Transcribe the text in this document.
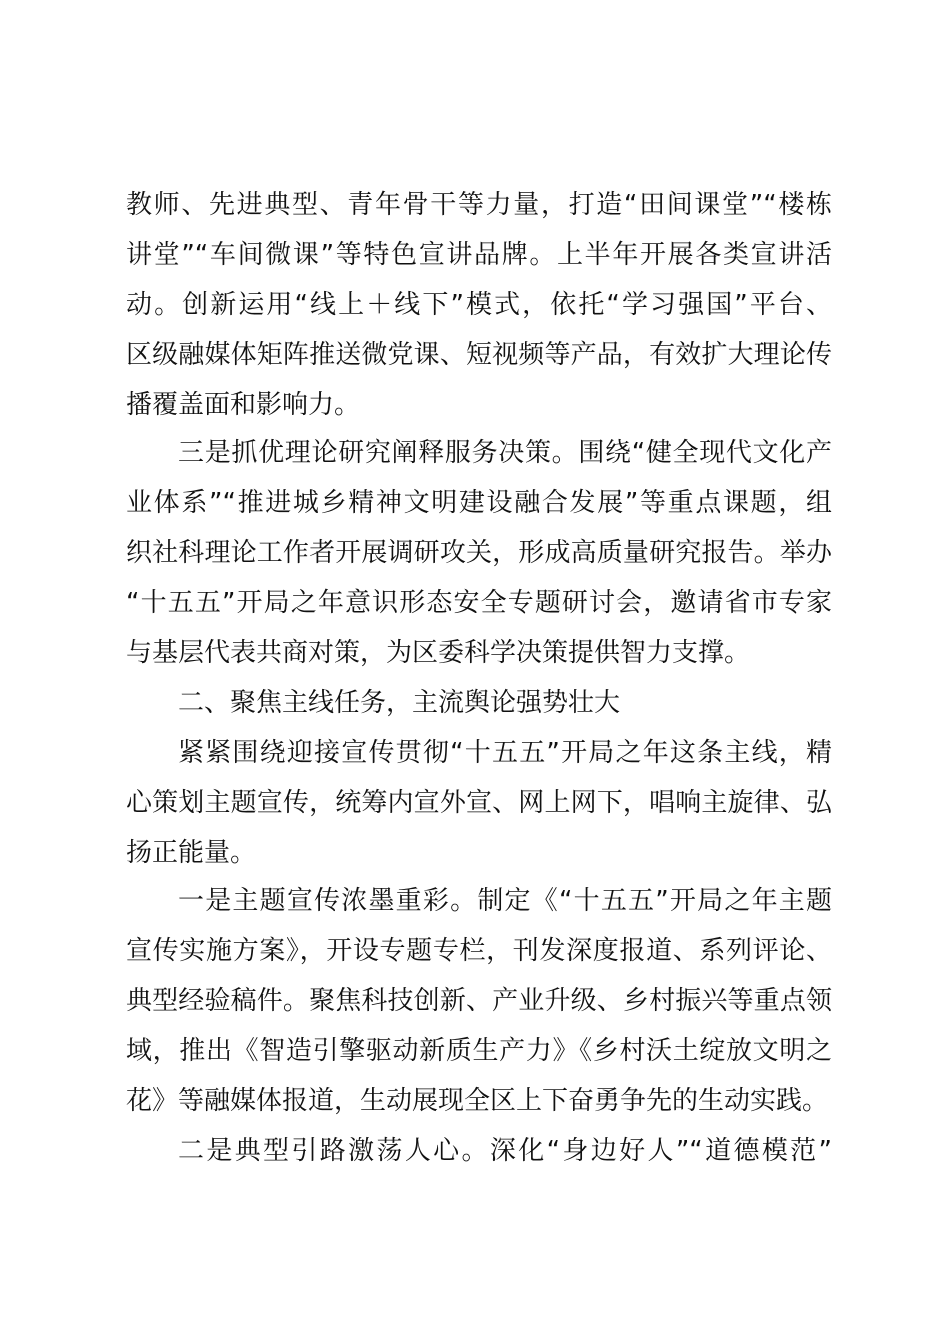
教师、先进典型、青年骨干等力量，打造“田间课堂”“楼栋
讲堂”“车间微课”等特色宣讲品牌。上半年开展各类宣讲活
动。创新运用“线上＋线下”模式，依托“学习强国”平台、
区级融媒体矩阵推送微党课、短视频等产品，有效扩大理论传
播覆盖面和影响力。
三是抓优理论研究阐释服务决策。围绕“健全现代文化产
业体系”“推进城乡精神文明建设融合发展”等重点课题，组
织社科理论工作者开展调研攻关，形成高质量研究报告。举办
“十五五”开局之年意识形态安全专题研讨会，邀请省市专家
与基层代表共商对策，为区委科学决策提供智力支撑。
二、聚焦主线任务，主流舆论强势壮大
紧紧围绕迎接宣传贯彻“十五五”开局之年这条主线，精
心策划主题宣传，统筹内宣外宣、网上网下，唱响主旋律、弘
扬正能量。
一是主题宣传浓墨重彩。制定《“十五五”开局之年主题
宣传实施方案》，开设专题专栏，刊发深度报道、系列评论、
典型经验稿件。聚焦科技创新、产业升级、乡村振兴等重点领
域，推出《智造引擎驱动新质生产力》《乡村沃土绽放文明之
花》等融媒体报道，生动展现全区上下奋勇争先的生动实践。
二是典型引路激荡人心。深化“身边好人”“道德模范”
